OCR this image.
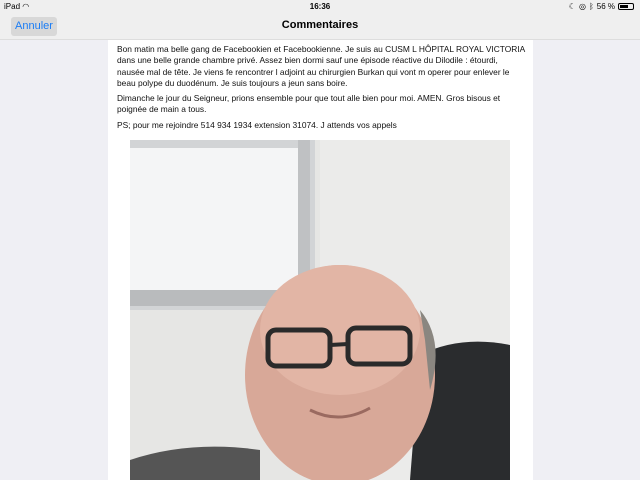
iPad ◠	16:36	☾ ◎ ᛒ 56 %
Annuler	Commentaires

Bon matin ma belle gang de Facebookien et Facebookienne. Je suis au CUSM L HÔPITAL ROYAL VICTORIA dans une belle grande chambre privé. Assez bien dormi sauf une épisode réactive du Dilodile : étourdi, nausée mal de tête. Je viens fe rencontrer l adjoint au chirurgien Burkan qui vont m operer pour enlever le beau polype du duodénum. Je suis toujours a jeun sans boire.

Dimanche le jour du Seigneur, prions ensemble pour que tout alle bien pour moi. AMEN. Gros bisous et poignée de main a tous.

PS; pour me rejoindre 514 934 1934 extension 31074. J attends vos appels
